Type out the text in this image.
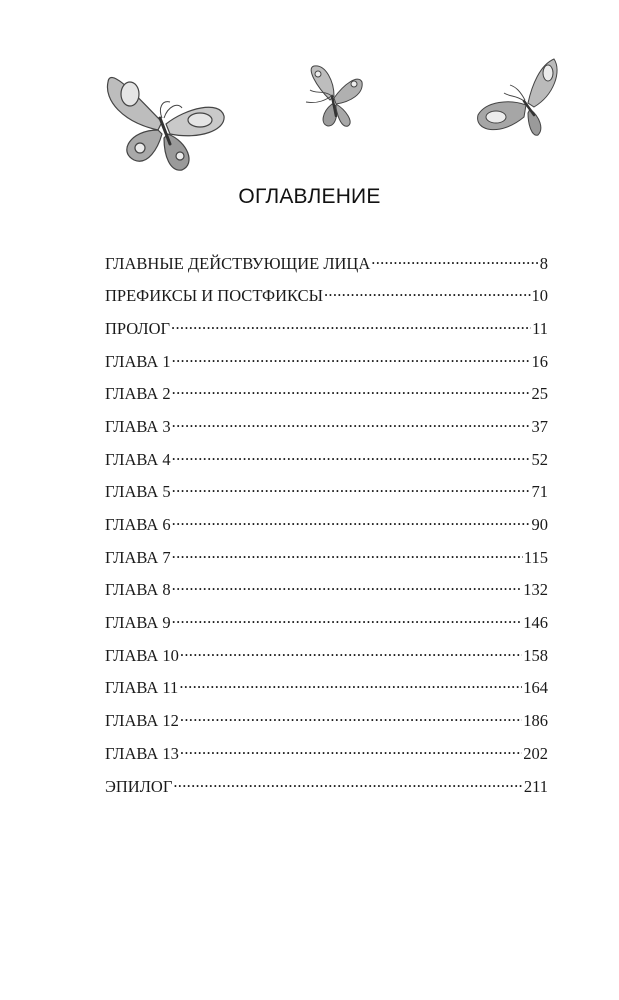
ОГЛАВЛЕНИЕ
ГЛАВНЫЕ ДЕЙСТВУЮЩИЕ ЛИЦА .....	8
ПРЕФИКСЫ И ПОСТФИКСЫ .....	10
ПРОЛОГ .....	11
ГЛАВА 1 .....	16
ГЛАВА 2 .....	25
ГЛАВА 3 .....	37
ГЛАВА 4 .....	52
ГЛАВА 5 .....	71
ГЛАВА 6 .....	90
ГЛАВА 7 .....	115
ГЛАВА 8 .....	132
ГЛАВА 9 .....	146
ГЛАВА 10 .....	158
ГЛАВА 11 .....	164
ГЛАВА 12 .....	186
ГЛАВА 13 .....	202
ЭПИЛОГ .....	211
